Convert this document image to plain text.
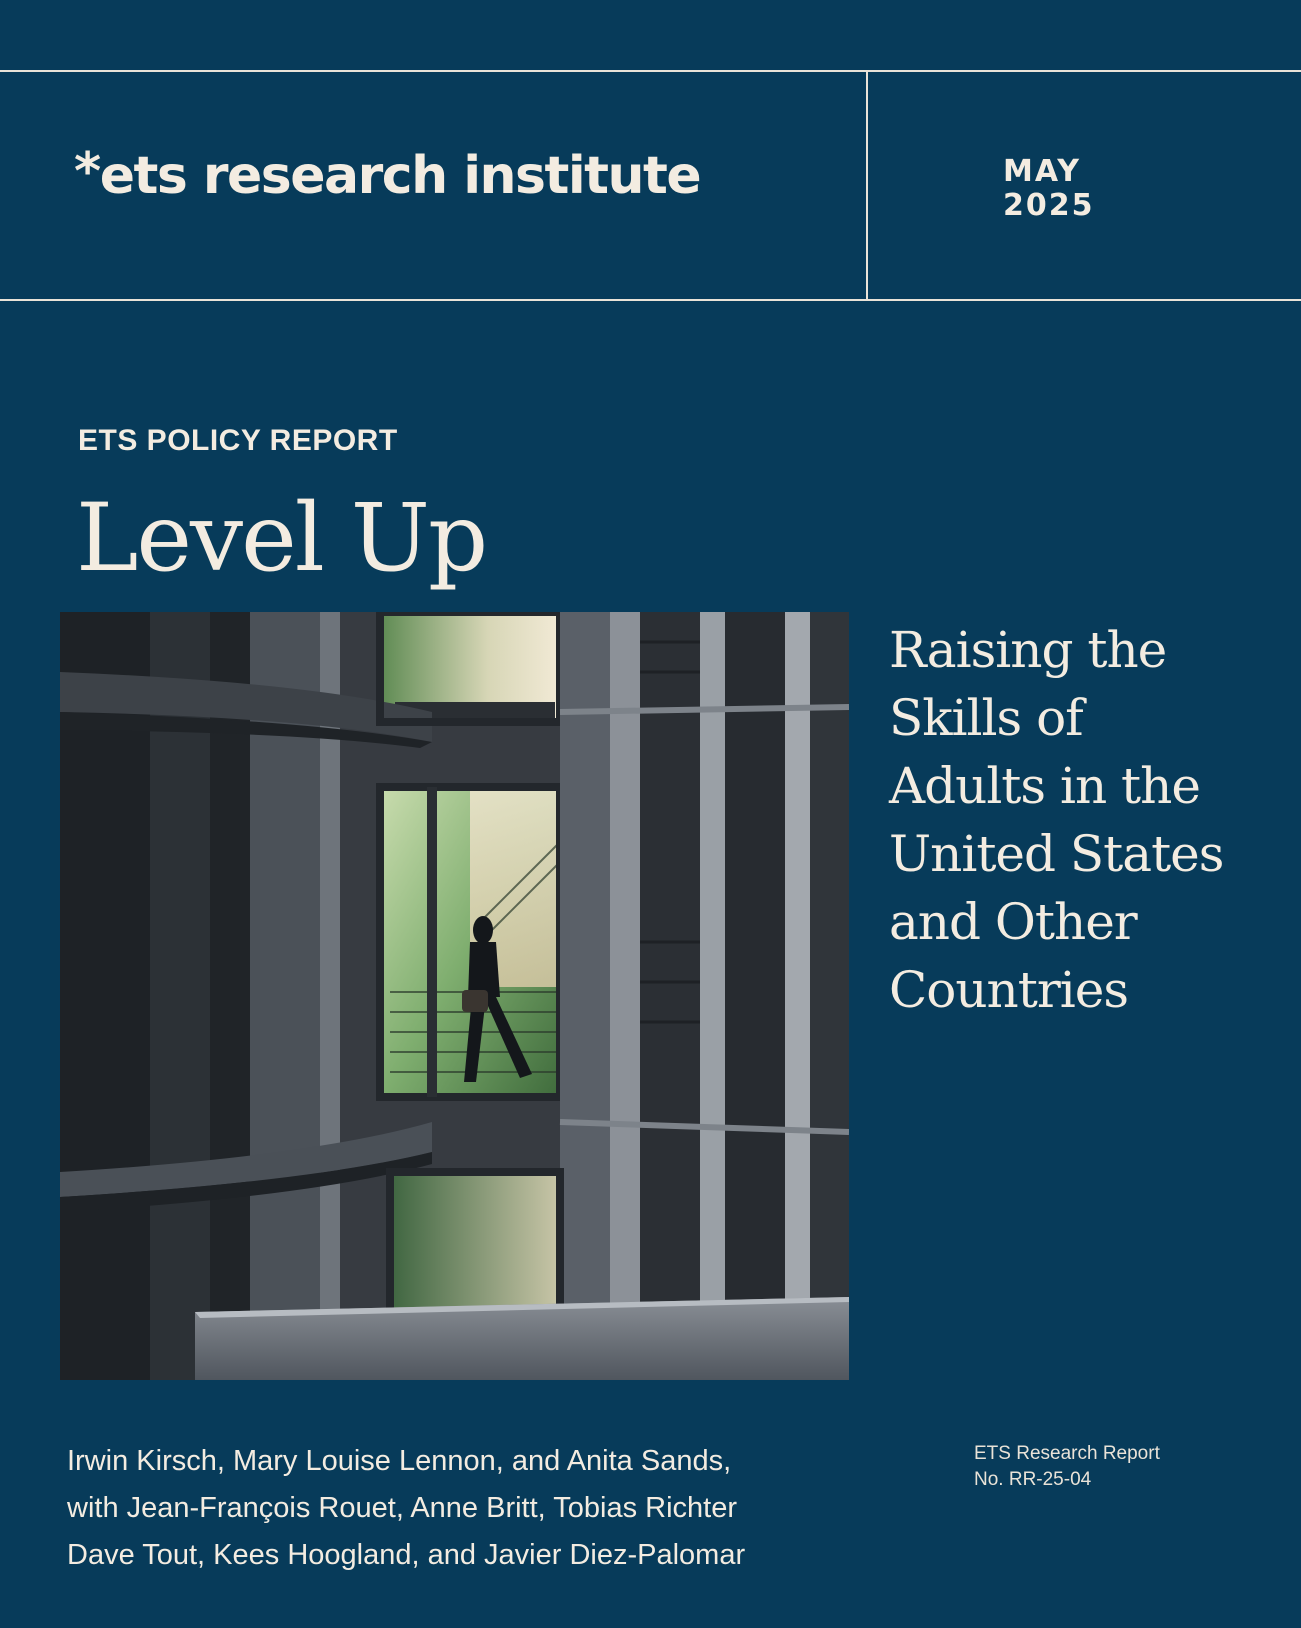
*ets research institute	MAY
2025
ETS POLICY REPORT
Level Up
Raising the
Skills of
Adults in the
United States
and Other
Countries
Irwin Kirsch, Mary Louise Lennon, and Anita Sands,
with Jean-François Rouet, Anne Britt, Tobias Richter
Dave Tout, Kees Hoogland, and Javier Diez-Palomar
ETS Research Report
No. RR-25-04
